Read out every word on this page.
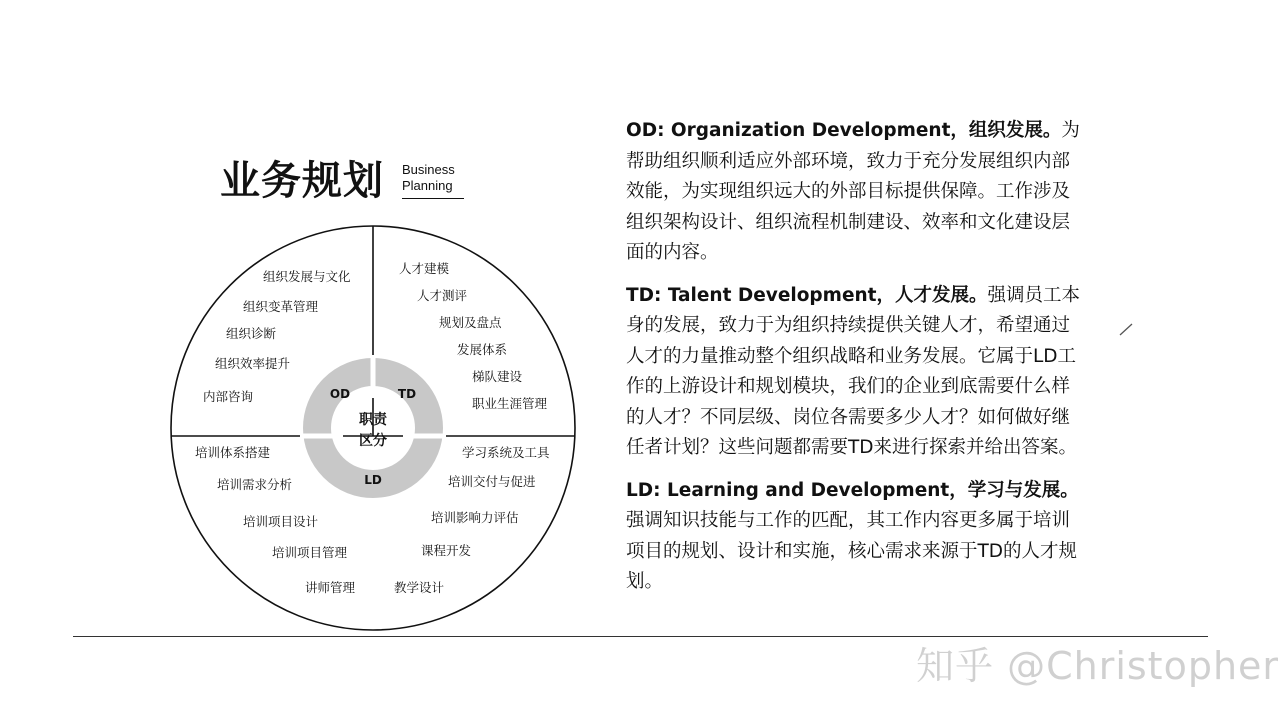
业务规划 Business
Planning
OD	TD
LD
职责
区分
组织发展与文化
组织变革管理
组织诊断
组织效率提升
内部咨询
人才建模
人才测评
规划及盘点
发展体系
梯队建设
职业生涯管理
培训体系搭建
培训需求分析
培训项目设计
培训项目管理
讲师管理
学习系统及工具
培训交付与促进
培训影响力评估
课程开发
教学设计

OD: Organization Development，组织发展。为帮助组织顺利适应外部环境，致力于充分发展组织内部效能，为实现组织远大的外部目标提供保障。工作涉及组织架构设计、组织流程机制建设、效率和文化建设层面的内容。

TD: Talent Development，人才发展。强调员工本身的发展，致力于为组织持续提供关键人才，希望通过人才的力量推动整个组织战略和业务发展。它属于LD工作的上游设计和规划模块，我们的企业到底需要什么样的人才？不同层级、岗位各需要多少人才？如何做好继任者计划？这些问题都需要TD来进行探索并给出答案。

LD: Learning and Development，学习与发展。强调知识技能与工作的匹配，其工作内容更多属于培训项目的规划、设计和实施，核心需求来源于TD的人才规划。

知乎 @Christopher
